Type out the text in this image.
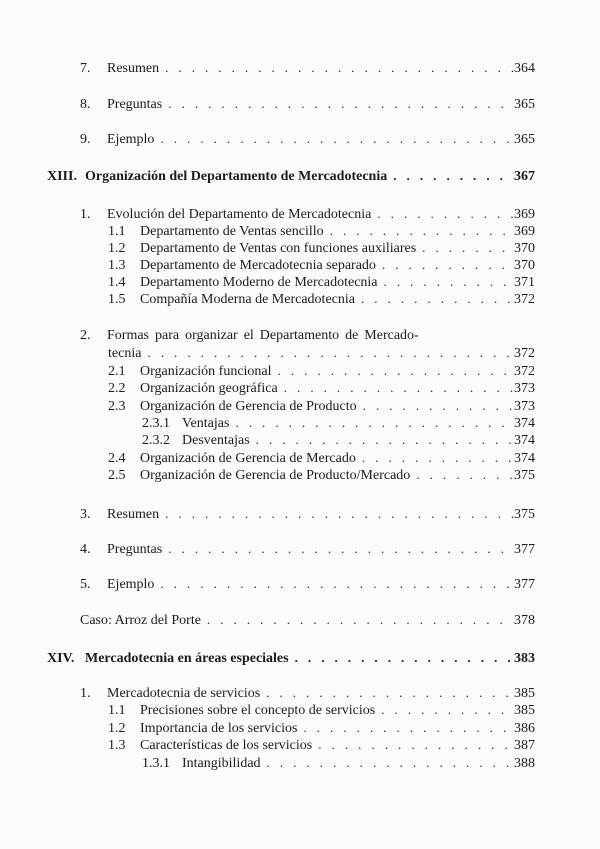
7.	Resumen . . .	364
8.	Preguntas . . .	365
9.	Ejemplo . . .	365
XIII. Organización del Departamento de Mercadotecnia . . .	367
1.	Evolución del Departamento de Mercadotecnia . . .	369
1.1	Departamento de Ventas sencillo . . .	369
1.2	Departamento de Ventas con funciones auxiliares . . .	370
1.3	Departamento de Mercadotecnia separado . . .	370
1.4	Departamento Moderno de Mercadotecnia . . .	371
1.5	Compañía Moderna de Mercadotecnia . . .	372
2.	Formas para organizar el Departamento de Mercado-
tecnia . . .	372
2.1	Organización funcional . . .	372
2.2	Organización geográfica . . .	373
2.3	Organización de Gerencia de Producto . . .	373
2.3.1 Ventajas . . .	374
2.3.2 Desventajas . . .	374
2.4	Organización de Gerencia de Mercado . . .	374
2.5	Organización de Gerencia de Producto/Mercado . . .	375
3.	Resumen . . .	375
4.	Preguntas . . .	377
5.	Ejemplo . . .	377
Caso: Arroz del Porte . . .	378
XIV. Mercadotecnia en áreas especiales . . .	383
1.	Mercadotecnia de servicios . . .	385
1.1	Precisiones sobre el concepto de servicios . . .	385
1.2	Importancia de los servicios . . .	386
1.3	Características de los servicios . . .	387
1.3.1 Intangibilidad . . .	388
